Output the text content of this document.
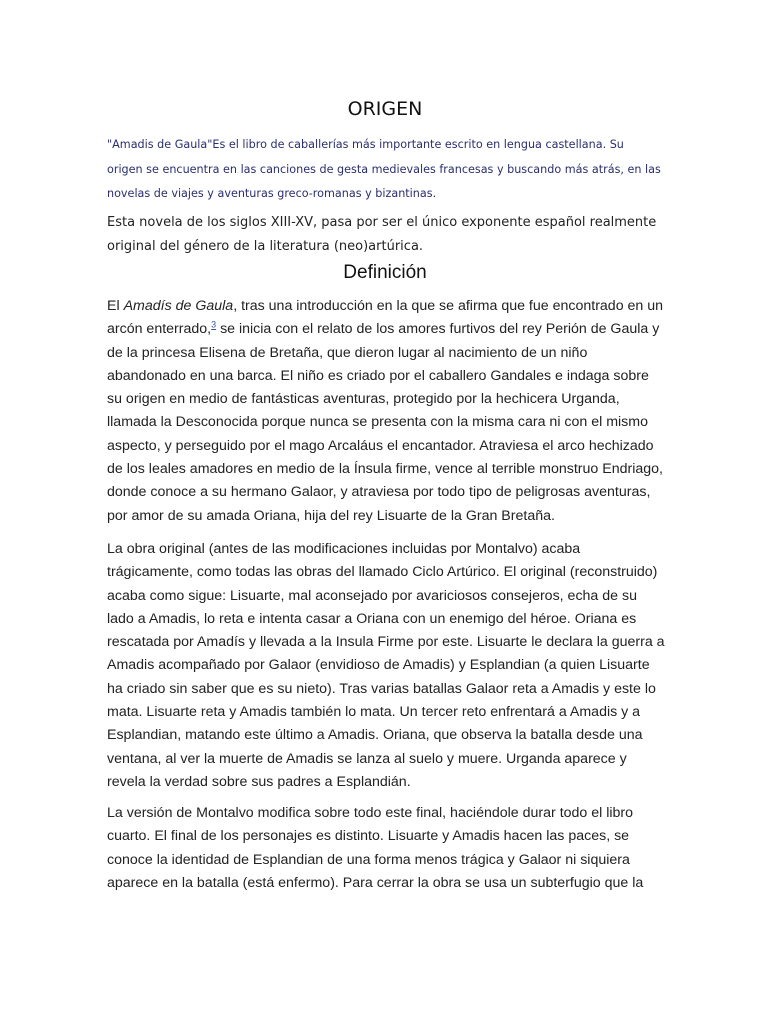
ORIGEN

"Amadis de Gaula"Es el libro de caballerías más importante escrito en lengua castellana. Su origen se encuentra en las canciones de gesta medievales francesas y buscando más atrás, en las novelas de viajes y aventuras greco-romanas y bizantinas.

Esta novela de los siglos XIII-XV, pasa por ser el único exponente español realmente original del género de la literatura (neo)artúrica.

Definición

El Amadís de Gaula, tras una introducción en la que se afirma que fue encontrado en un arcón enterrado,$^3$ se inicia con el relato de los amores furtivos del rey Perión de Gaula y de la princesa Elisena de Bretaña, que dieron lugar al nacimiento de un niño abandonado en una barca. El niño es criado por el caballero Gandales e indaga sobre su origen en medio de fantásticas aventuras, protegido por la hechicera Urganda, llamada la Desconocida porque nunca se presenta con la misma cara ni con el mismo aspecto, y perseguido por el mago Arcaláus el encantador. Atraviesa el arco hechizado de los leales amadores en medio de la Ínsula firme, vence al terrible monstruo Endriago, donde conoce a su hermano Galaor, y atraviesa por todo tipo de peligrosas aventuras, por amor de su amada Oriana, hija del rey Lisuarte de la Gran Bretaña.

La obra original (antes de las modificaciones incluidas por Montalvo) acaba trágicamente, como todas las obras del llamado Ciclo Artúrico. El original (reconstruido) acaba como sigue: Lisuarte, mal aconsejado por avariciosos consejeros, echa de su lado a Amadis, lo reta e intenta casar a Oriana con un enemigo del héroe. Oriana es rescatada por Amadís y llevada a la Insula Firme por este. Lisuarte le declara la guerra a Amadis acompañado por Galaor (envidioso de Amadis) y Esplandian (a quien Lisuarte ha criado sin saber que es su nieto). Tras varias batallas Galaor reta a Amadis y este lo mata. Lisuarte reta y Amadis también lo mata. Un tercer reto enfrentará a Amadis y a Esplandian, matando este último a Amadis. Oriana, que observa la batalla desde una ventana, al ver la muerte de Amadis se lanza al suelo y muere. Urganda aparece y revela la verdad sobre sus padres a Esplandián.

La versión de Montalvo modifica sobre todo este final, haciéndole durar todo el libro cuarto. El final de los personajes es distinto. Lisuarte y Amadis hacen las paces, se conoce la identidad de Esplandian de una forma menos trágica y Galaor ni siquiera aparece en la batalla (está enfermo). Para cerrar la obra se usa un subterfugio que la
